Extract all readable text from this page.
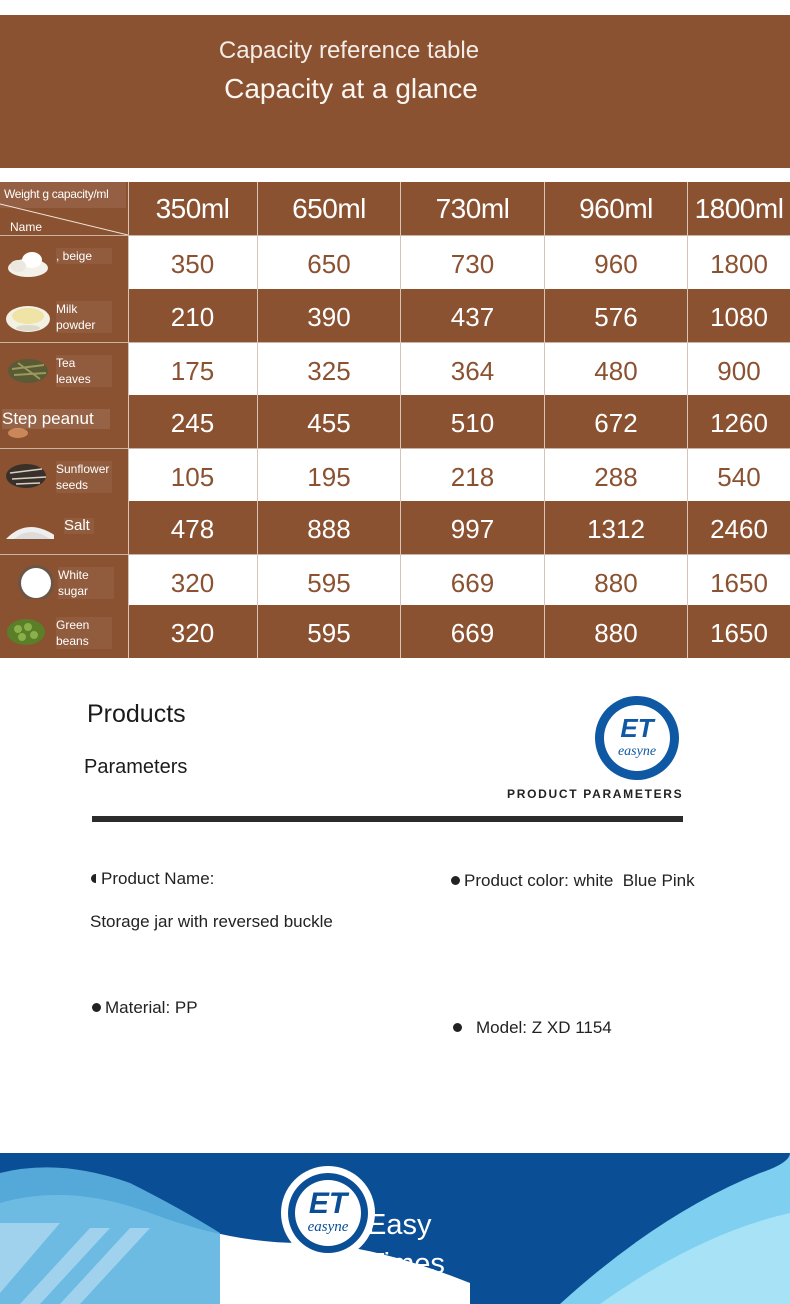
Capacity reference table
Capacity at a glance
Weight g capacity/ml
Name
350ml	650ml	730ml	960ml	1800ml
, beige	350	650	730	960	1800
Milk powder	210	390	437	576	1080
Tea leaves	175	325	364	480	900
Step peanut	245	455	510	672	1260
Sunflower seeds	105	195	218	288	540
Salt	478	888	997	1312	2460
White sugar	320	595	669	880	1650
Green beans	320	595	669	880	1650
Products
Parameters
ET
easyne
PRODUCT PARAMETERS
Product Name:
Storage jar with reversed buckle
Product color: white Blue Pink
Material: PP
Model: Z XD 1154
ET
easyne Easy
Times
